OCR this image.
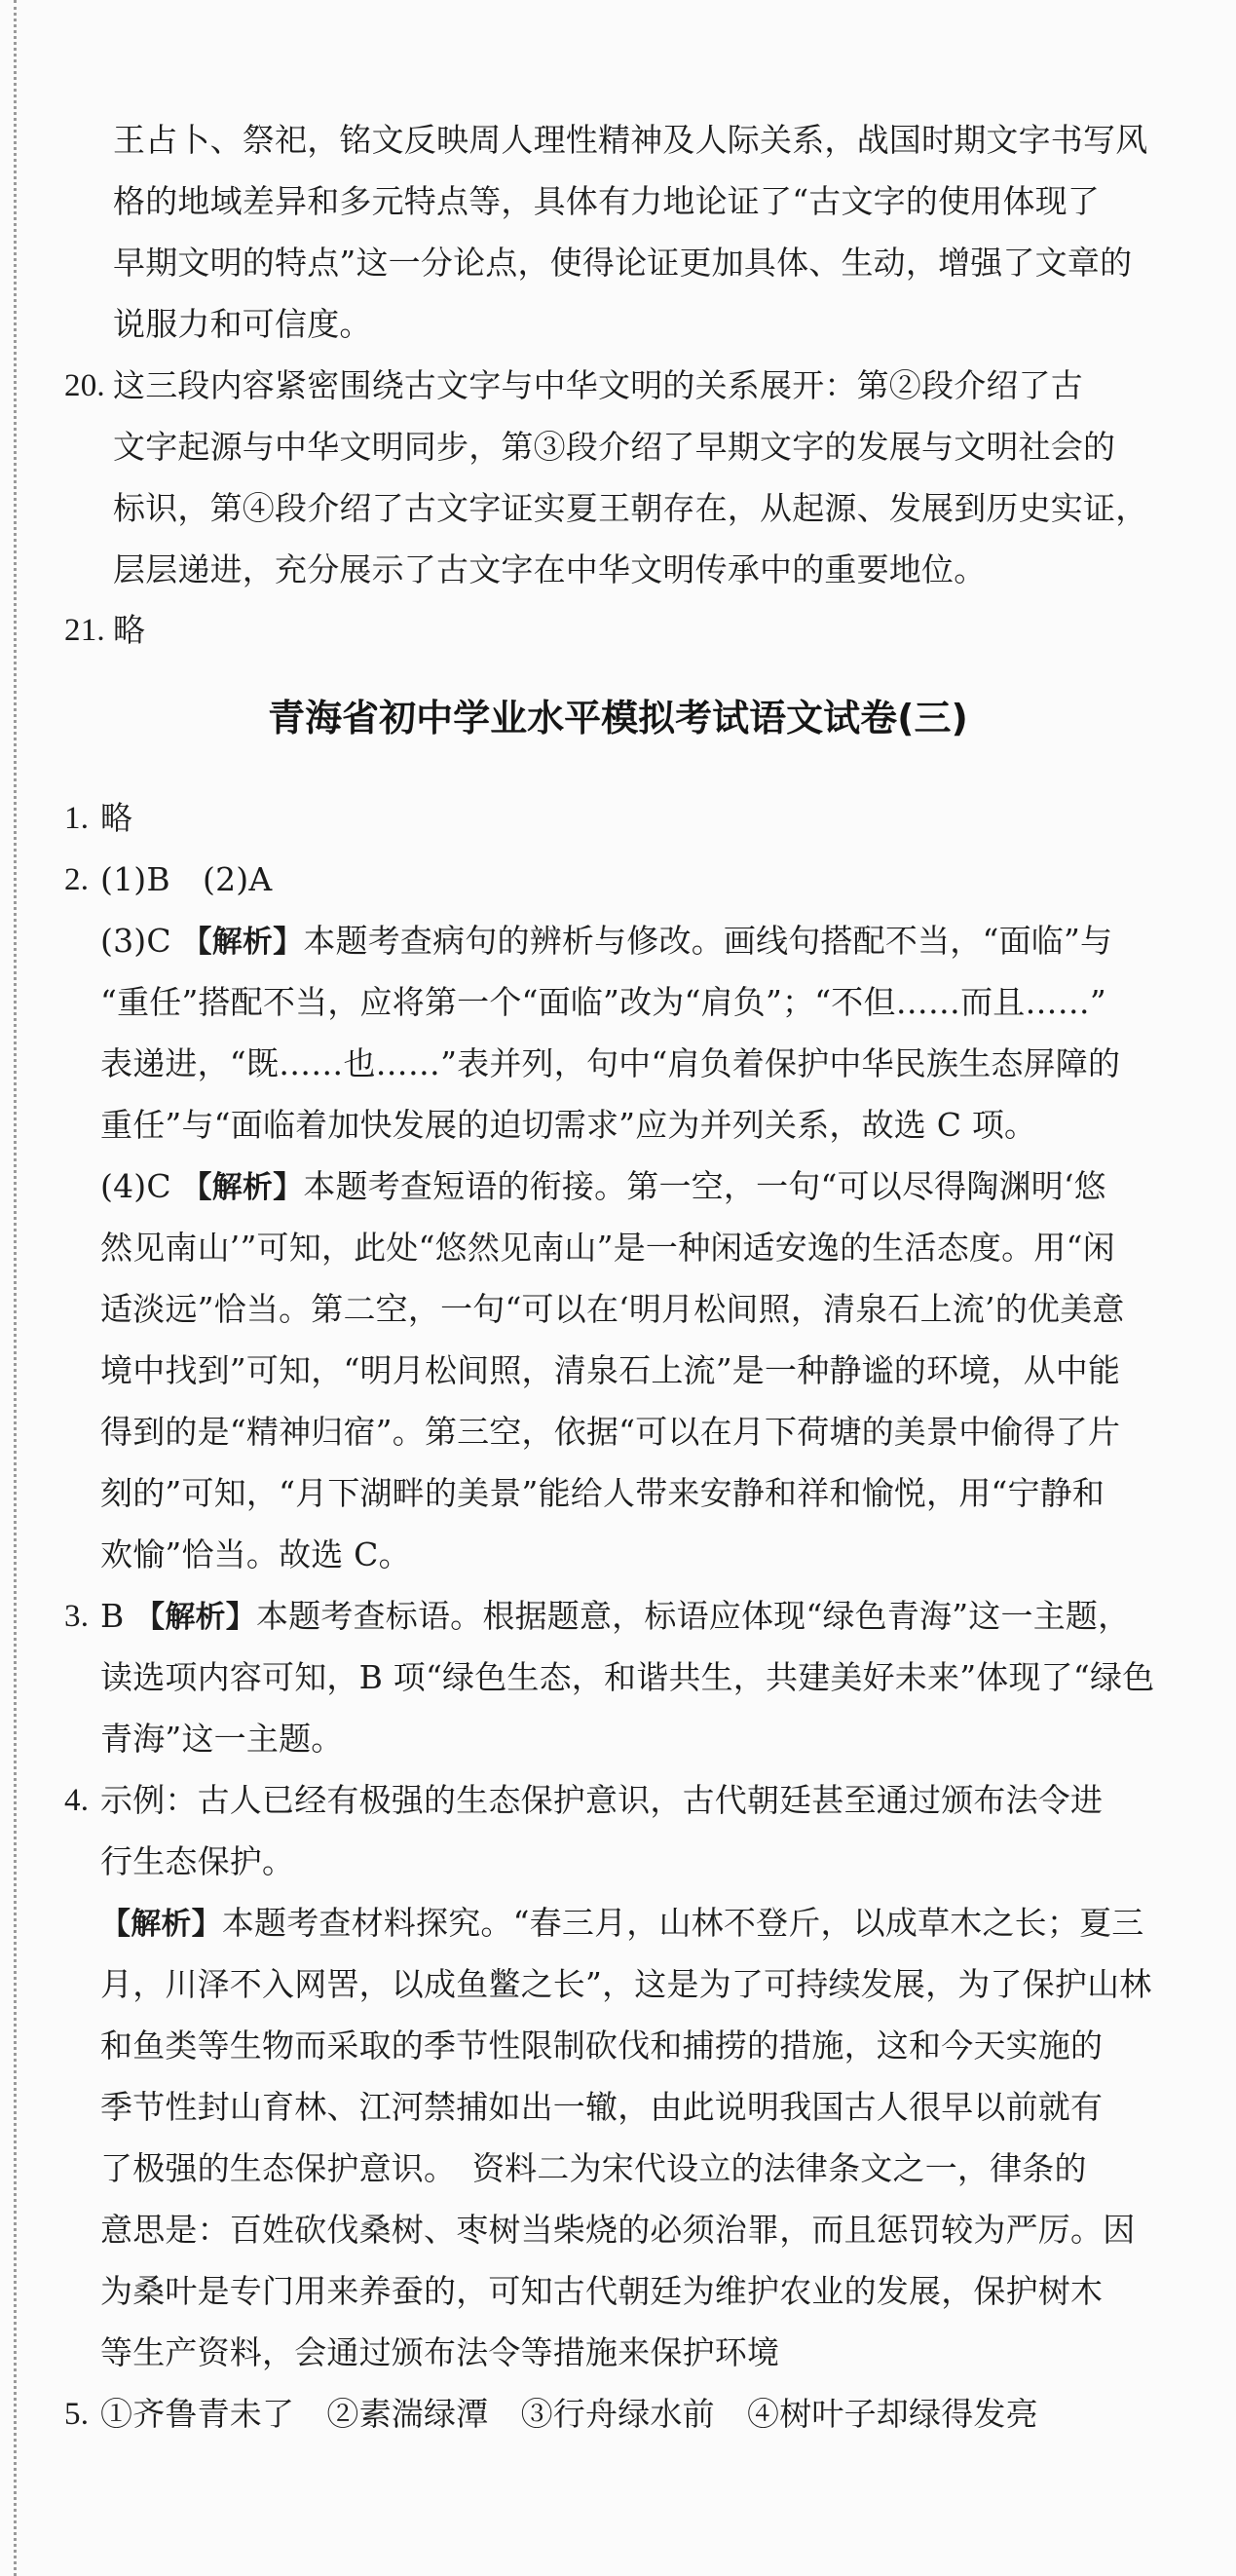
王占卜、祭祀，铭文反映周人理性精神及人际关系，战国时期文字书写风
格的地域差异和多元特点等，具体有力地论证了“古文字的使用体现了
早期文明的特点”这一分论点，使得论证更加具体、生动，增强了文章的
说服力和可信度。
20. 这三段内容紧密围绕古文字与中华文明的关系展开：第②段介绍了古
文字起源与中华文明同步，第③段介绍了早期文字的发展与文明社会的
标识，第④段介绍了古文字证实夏王朝存在，从起源、发展到历史实证，
层层递进，充分展示了古文字在中华文明传承中的重要地位。
21. 略
青海省初中学业水平模拟考试语文试卷(三)
1. 略
2. (1)B　(2)A
(3)C 【解析】本题考查病句的辨析与修改。画线句搭配不当，“面临”与
“重任”搭配不当，应将第一个“面临”改为“肩负”；“不但……而且……”
表递进，“既……也……”表并列，句中“肩负着保护中华民族生态屏障的
重任”与“面临着加快发展的迫切需求”应为并列关系，故选 C 项。
(4)C 【解析】本题考查短语的衔接。第一空，一句“可以尽得陶渊明‘悠
然见南山’”可知，此处“悠然见南山”是一种闲适安逸的生活态度。用“闲
适淡远”恰当。第二空，一句“可以在‘明月松间照，清泉石上流’的优美意
境中找到”可知，“明月松间照，清泉石上流”是一种静谧的环境，从中能
得到的是“精神归宿”。第三空，依据“可以在月下荷塘的美景中偷得了片
刻的”可知，“月下湖畔的美景”能给人带来安静和祥和愉悦，用“宁静和
欢愉”恰当。故选 C。
3. B 【解析】本题考查标语。根据题意，标语应体现“绿色青海”这一主题，
读选项内容可知，B 项“绿色生态，和谐共生，共建美好未来”体现了“绿色
青海”这一主题。
4. 示例：古人已经有极强的生态保护意识，古代朝廷甚至通过颁布法令进
行生态保护。
【解析】本题考查材料探究。“春三月，山林不登斤，以成草木之长；夏三
月，川泽不入网罟，以成鱼鳖之长”，这是为了可持续发展，为了保护山林
和鱼类等生物而采取的季节性限制砍伐和捕捞的措施，这和今天实施的
季节性封山育林、江河禁捕如出一辙，由此说明我国古人很早以前就有
了极强的生态保护意识。　资料二为宋代设立的法律条文之一，律条的
意思是：百姓砍伐桑树、枣树当柴烧的必须治罪，而且惩罚较为严厉。因
为桑叶是专门用来养蚕的，可知古代朝廷为维护农业的发展，保护树木
等生产资料，会通过颁布法令等措施来保护环境
5. ①齐鲁青未了　②素湍绿潭　③行舟绿水前　④树叶子却绿得发亮
